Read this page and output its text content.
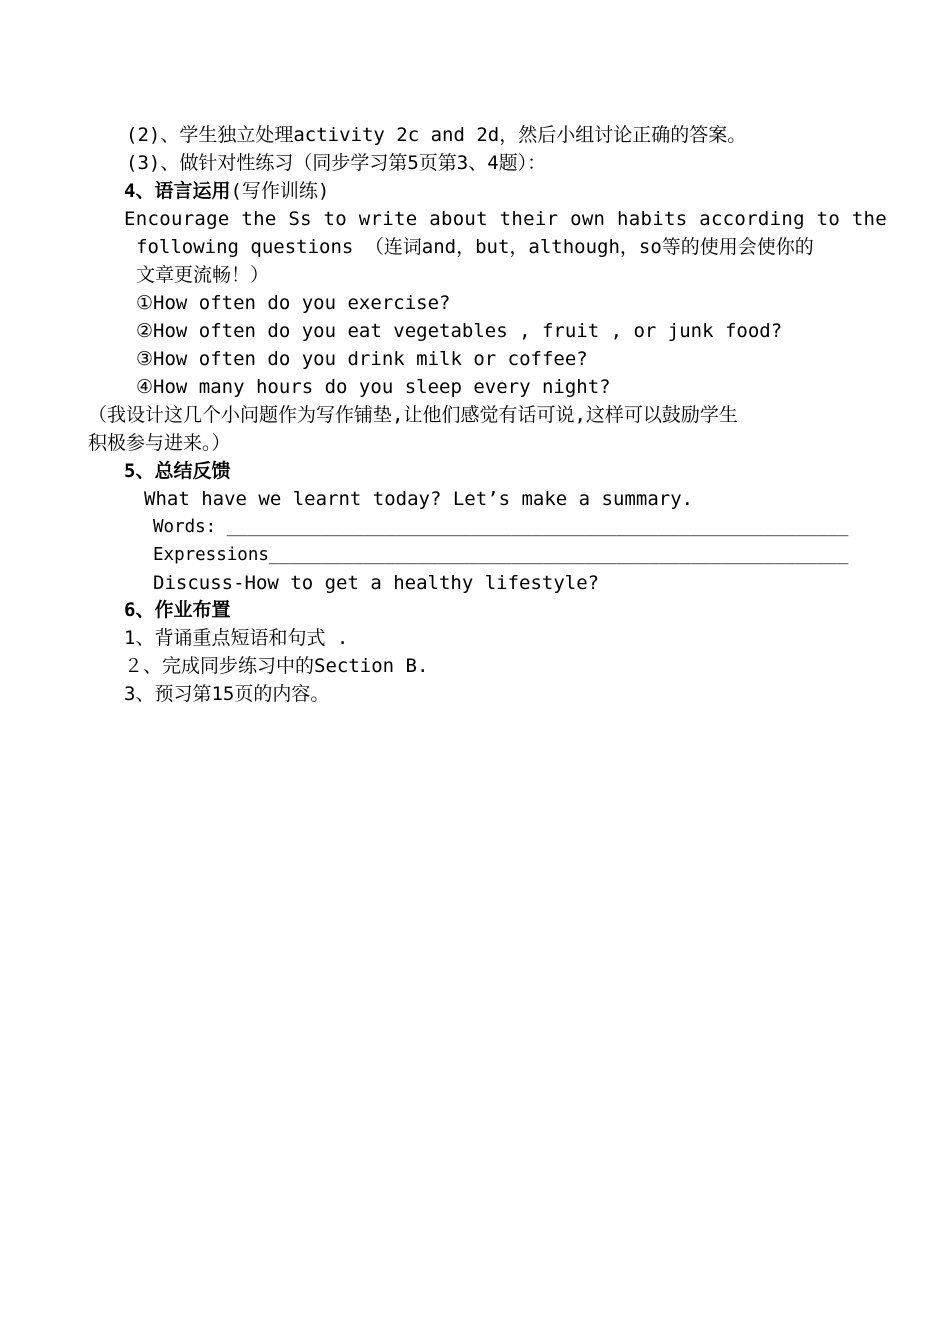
(2)、学生独立处理activity 2c and 2d，然后小组讨论正确的答案。
(3)、做针对性练习（同步学习第5页第3、4题）：
4、语言运用(写作训练)
Encourage the Ss to write about their own habits according to the
following questions （连词and，but，although，so等的使用会使你的
文章更流畅！）
①How often do you exercise?
②How often do you eat vegetables , fruit , or junk food?
③How often do you drink milk or coffee?
④How many hours do you sleep every night?
（我设计这几个小问题作为写作铺垫,让他们感觉有话可说,这样可以鼓励学生
积极参与进来。）
5、总结反馈
What have we learnt today? Let’s make a summary.
Words: ___________________________________________________________
Expressions_______________________________________________________
Discuss-How to get a healthy lifestyle?
6、作业布置
1、背诵重点短语和句式 .
２、完成同步练习中的Section B.
3、预习第15页的内容。
